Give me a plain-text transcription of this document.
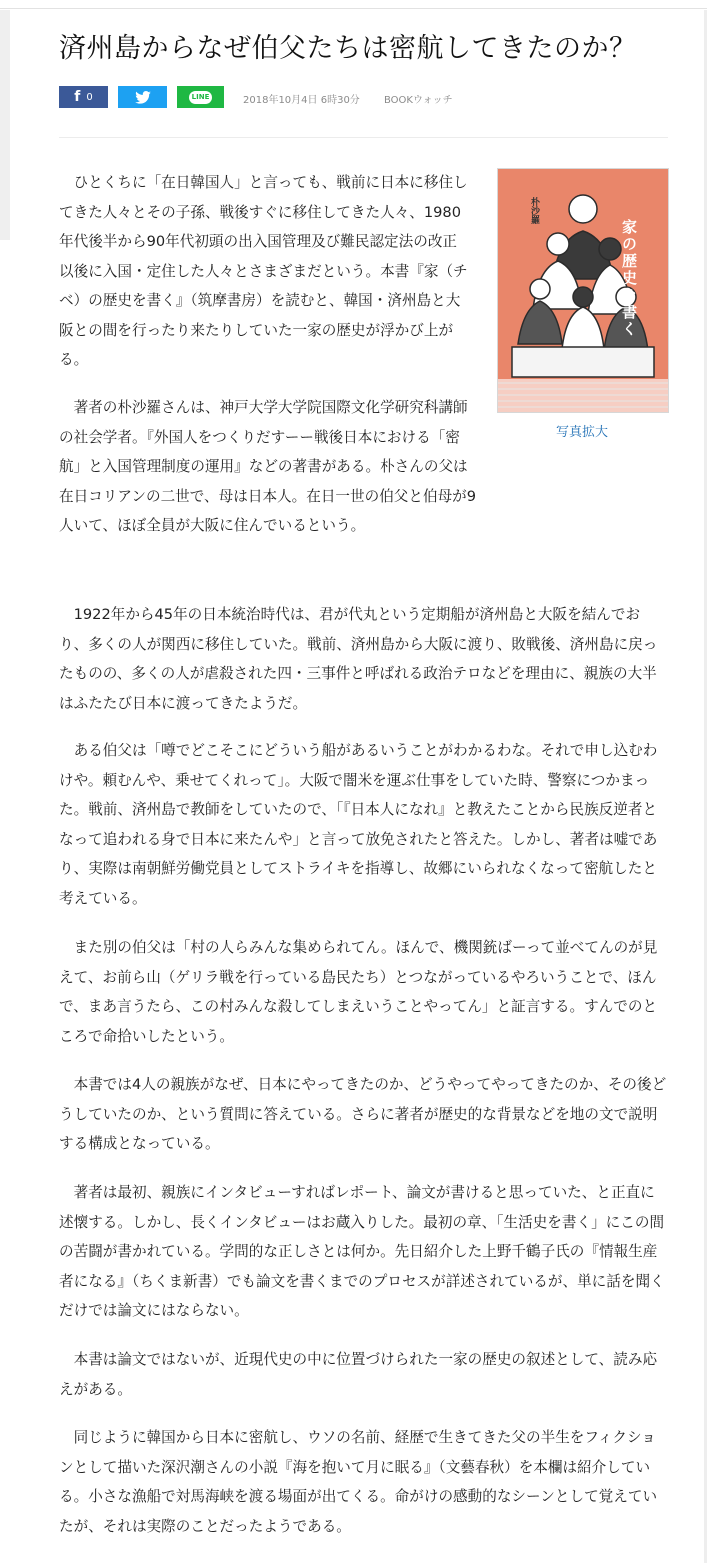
済州島からなぜ伯父たちは密航してきたのか？
f 0	LINE	2018年10月4日 6時30分 BOOKウォッチ
家の歴史を書く
朴沙羅
写真拡大

ひとくちに「在日韓国人」と言っても、戦前に日本に移住してきた人々とその子孫、戦後すぐに移住してきた人々、1980年代後半から90年代初頭の出入国管理及び難民認定法の改正以後に入国・定住した人々とさまざまだという。本書『家（チベ）の歴史を書く』（筑摩書房）を読むと、韓国・済州島と大阪との間を行ったり来たりしていた一家の歴史が浮かび上がる。

著者の朴沙羅さんは、神戸大学大学院国際文化学研究科講師の社会学者。『外国人をつくりだすーー戦後日本における「密航」と入国管理制度の運用』などの著書がある。朴さんの父は在日コリアンの二世で、母は日本人。在日一世の伯父と伯母が9人いて、ほぼ全員が大阪に住んでいるという。

1922年から45年の日本統治時代は、君が代丸という定期船が済州島と大阪を結んでおり、多くの人が関西に移住していた。戦前、済州島から大阪に渡り、敗戦後、済州島に戻ったものの、多くの人が虐殺された四・三事件と呼ばれる政治テロなどを理由に、親族の大半はふたたび日本に渡ってきたようだ。

ある伯父は「噂でどこそこにどういう船があるいうことがわかるわな。それで申し込むわけや。頼むんや、乗せてくれって」。大阪で闇米を運ぶ仕事をしていた時、警察につかまった。戦前、済州島で教師をしていたので、「『日本人になれ』と教えたことから民族反逆者となって追われる身で日本に来たんや」と言って放免されたと答えた。しかし、著者は嘘であり、実際は南朝鮮労働党員としてストライキを指導し、故郷にいられなくなって密航したと考えている。

また別の伯父は「村の人らみんな集められてん。ほんで、機関銃ばーって並べてんのが見えて、お前ら山（ゲリラ戦を行っている島民たち）とつながっているやろいうことで、ほんで、まあ言うたら、この村みんな殺してしまえいうことやってん」と証言する。すんでのところで命拾いしたという。

本書では4人の親族がなぜ、日本にやってきたのか、どうやってやってきたのか、その後どうしていたのか、という質問に答えている。さらに著者が歴史的な背景などを地の文で説明する構成となっている。

著者は最初、親族にインタビューすればレポート、論文が書けると思っていた、と正直に述懐する。しかし、長くインタビューはお蔵入りした。最初の章、「生活史を書く」にこの間の苦闘が書かれている。学問的な正しさとは何か。先日紹介した上野千鶴子氏の『情報生産者になる』（ちくま新書）でも論文を書くまでのプロセスが詳述されているが、単に話を聞くだけでは論文にはならない。

本書は論文ではないが、近現代史の中に位置づけられた一家の歴史の叙述として、読み応えがある。

同じように韓国から日本に密航し、ウソの名前、経歴で生きてきた父の半生をフィクションとして描いた深沢潮さんの小説『海を抱いて月に眠る』（文藝春秋）を本欄は紹介している。小さな漁船で対馬海峡を渡る場面が出てくる。命がけの感動的なシーンとして覚えていたが、それは実際のことだったようである。
